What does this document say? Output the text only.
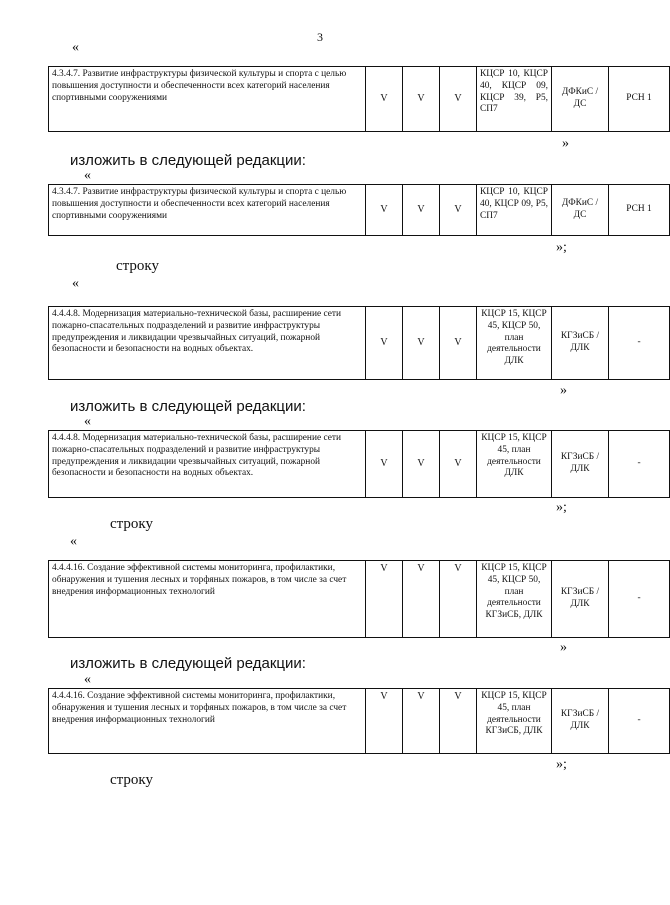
3
«
4.3.4.7. Развитие инфраструктуры физической культуры и спорта с целью повышения доступности и обеспеченности всех категорий населения спортивными сооружениями	V	V	V	КЦСР 10, КЦСР 40, КЦСР 09, КЦСР 39, Р5, СП7	ДФКиС / ДС	РСН 1
»
изложить в следующей редакции:
«
4.3.4.7. Развитие инфраструктуры физической культуры и спорта с целью повышения доступности и обеспеченности всех категорий населения спортивными сооружениями	V	V	V	КЦСР 10, КЦСР 40, КЦСР 09, Р5, СП7	ДФКиС / ДС	РСН 1
»;
строку
«
4.4.4.8. Модернизация материально-технической базы, расширение сети пожарно-спасательных подразделений и развитие инфраструктуры предупреждения и ликвидации чрезвычайных ситуаций, пожарной безопасности и безопасности на водных объектах.	V	V	V	КЦСР 15, КЦСР 45, КЦСР 50, план деятельности ДЛК	КГЗиСБ / ДЛК	-
»
изложить в следующей редакции:
«
4.4.4.8. Модернизация материально-технической базы, расширение сети пожарно-спасательных подразделений и развитие инфраструктуры предупреждения и ликвидации чрезвычайных ситуаций, пожарной безопасности и безопасности на водных объектах.	V	V	V	КЦСР 15, КЦСР 45, план деятельности ДЛК	КГЗиСБ / ДЛК	-
»;
строку
«
4.4.4.16. Создание эффективной системы мониторинга, профилактики, обнаружения и тушения лесных и торфяных пожаров, в том числе за счет внедрения информационных технологий	V	V	V	КЦСР 15, КЦСР 45, КЦСР 50, план деятельности КГЗиСБ, ДЛК	КГЗиСБ / ДЛК	-
»
изложить в следующей редакции:
«
4.4.4.16. Создание эффективной системы мониторинга, профилактики, обнаружения и тушения лесных и торфяных пожаров, в том числе за счет внедрения информационных технологий	V	V	V	КЦСР 15, КЦСР 45, план деятельности КГЗиСБ, ДЛК	КГЗиСБ / ДЛК	-
»;
строку
